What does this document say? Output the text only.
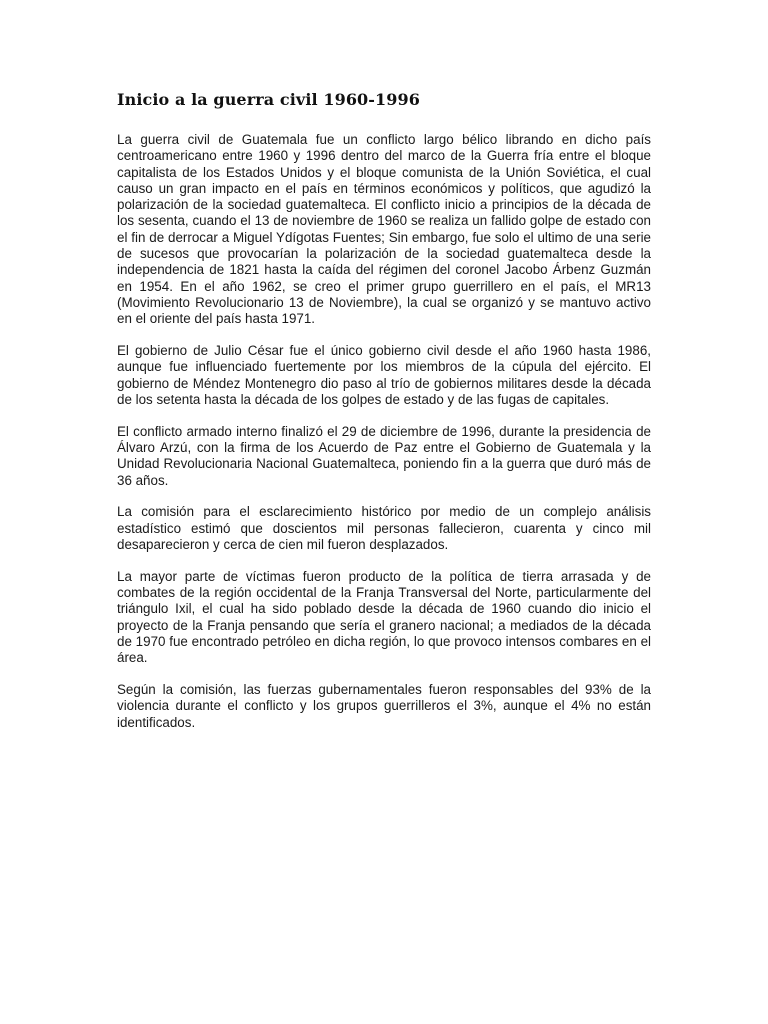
Inicio a la guerra civil 1960-1996

La guerra civil de Guatemala fue un conflicto largo bélico librando en dicho país centroamericano entre 1960 y 1996 dentro del marco de la Guerra fría entre el bloque capitalista de los Estados Unidos y el bloque comunista de la Unión Soviética, el cual causo un gran impacto en el país en términos económicos y políticos, que agudizó la polarización de la sociedad guatemalteca. El conflicto inicio a principios de la década de los sesenta, cuando el 13 de noviembre de 1960 se realiza un fallido golpe de estado con el fin de derrocar a Miguel Ydígotas Fuentes; Sin embargo, fue solo el ultimo de una serie de sucesos que provocarían la polarización de la sociedad guatemalteca desde la independencia de 1821 hasta la caída del régimen del coronel Jacobo Árbenz Guzmán en 1954. En el año 1962, se creo el primer grupo guerrillero en el país, el MR13 (Movimiento Revolucionario 13 de Noviembre), la cual se organizó y se mantuvo activo en el oriente del país hasta 1971.

El gobierno de Julio César fue el único gobierno civil desde el año 1960 hasta 1986, aunque fue influenciado fuertemente por los miembros de la cúpula del ejército. El gobierno de Méndez Montenegro dio paso al trío de gobiernos militares desde la década de los setenta hasta la década de los golpes de estado y de las fugas de capitales.

El conflicto armado interno finalizó el 29 de diciembre de 1996, durante la presidencia de Álvaro Arzú, con la firma de los Acuerdo de Paz entre el Gobierno de Guatemala y la Unidad Revolucionaria Nacional Guatemalteca, poniendo fin a la guerra que duró más de 36 años.

La comisión para el esclarecimiento histórico por medio de un complejo análisis estadístico estimó que doscientos mil personas fallecieron, cuarenta y cinco mil desaparecieron y cerca de cien mil fueron desplazados.

La mayor parte de víctimas fueron producto de la política de tierra arrasada y de combates de la región occidental de la Franja Transversal del Norte, particularmente del triángulo Ixil, el cual ha sido poblado desde la década de 1960 cuando dio inicio el proyecto de la Franja pensando que sería el granero nacional; a mediados de la década de 1970 fue encontrado petróleo en dicha región, lo que provoco intensos combares en el área.

Según la comisión, las fuerzas gubernamentales fueron responsables del 93% de la violencia durante el conflicto y los grupos guerrilleros el 3%, aunque el 4% no están identificados.
